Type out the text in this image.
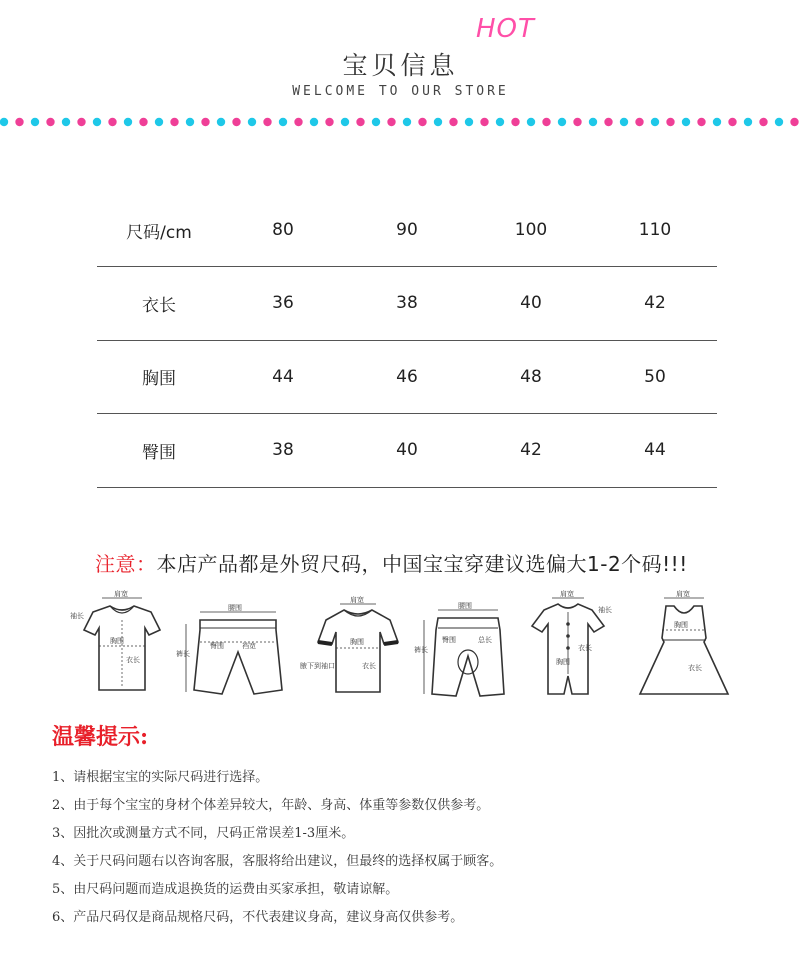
宝贝信息
HOT
WELCOME TO OUR STORE
尺码/cm	80	90	100	110
衣长	36	38	40	42
胸围	44	46	48	50
臀围	38	40	42	44
注意：本店产品都是外贸尺码，中国宝宝穿建议选偏大1-2个码!!!
肩宽
袖长
胸围
衣长
腰围
裤长
臀围	裆宽
肩宽
胸围
衣长
腋下到袖口
腰围
裤长
臀围	总长
肩宽
袖长
胸围
衣长
肩宽
胸围
衣长
温馨提示:
1、请根据宝宝的实际尺码进行选择。
2、由于每个宝宝的身材个体差异较大，年龄、身高、体重等参数仅供参考。
3、因批次或测量方式不同，尺码正常误差1-3厘米。
4、关于尺码问题右以咨询客服，客服将给出建议，但最终的选择权属于顾客。
5、由尺码问题而造成退换货的运费由买家承担，敬请谅解。
6、产品尺码仅是商品规格尺码，不代表建议身高，建议身高仅供参考。
